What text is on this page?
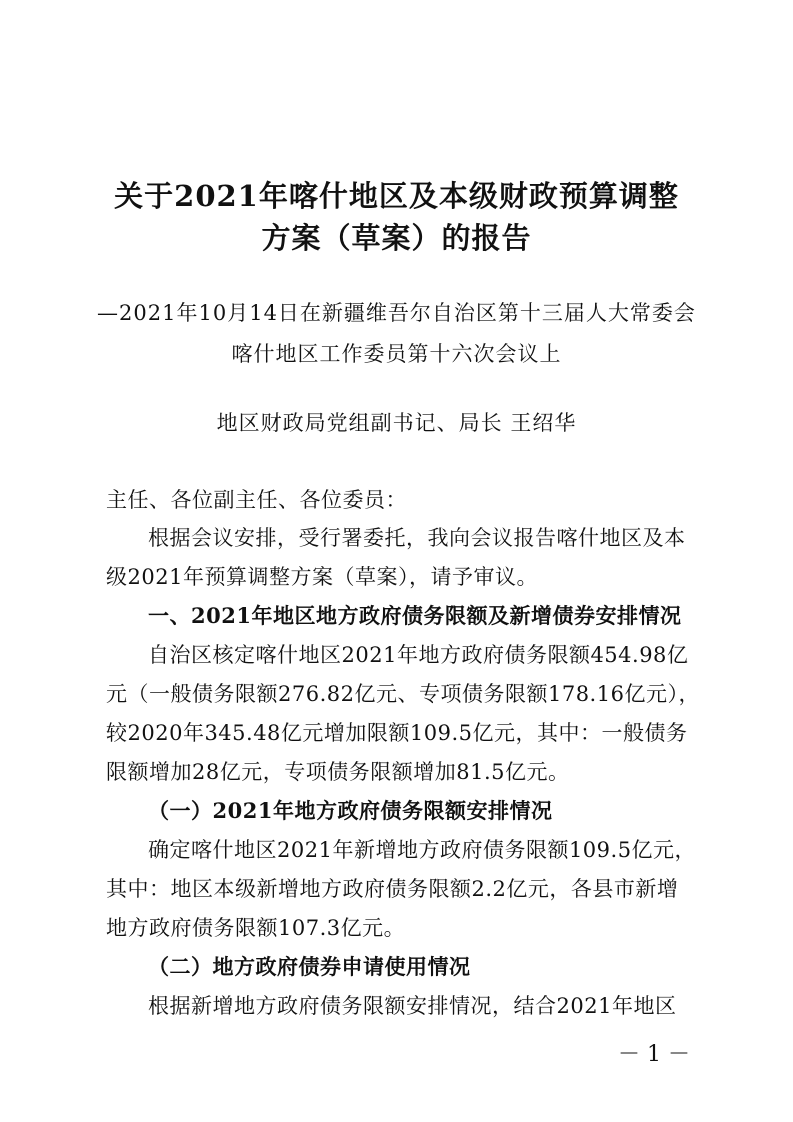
关于2021年喀什地区及本级财政预算调整
方案（草案）的报告
—2021年10月14日在新疆维吾尔自治区第十三届人大常委会
喀什地区工作委员第十六次会议上
地区财政局党组副书记、局长 王绍华
主任、各位副主任、各位委员：
根据会议安排，受行署委托，我向会议报告喀什地区及本
级2021年预算调整方案（草案），请予审议。
一、2021年地区地方政府债务限额及新增债券安排情况
自治区核定喀什地区2021年地方政府债务限额454.98亿
元（一般债务限额276.82亿元、专项债务限额178.16亿元），
较2020年345.48亿元增加限额109.5亿元，其中：一般债务
限额增加28亿元，专项债务限额增加81.5亿元。
（一）2021年地方政府债务限额安排情况
确定喀什地区2021年新增地方政府债务限额109.5亿元，
其中：地区本级新增地方政府债务限额2.2亿元，各县市新增
地方政府债务限额107.3亿元。
（二）地方政府债券申请使用情况
根据新增地方政府债务限额安排情况，结合2021年地区
－ 1 －
